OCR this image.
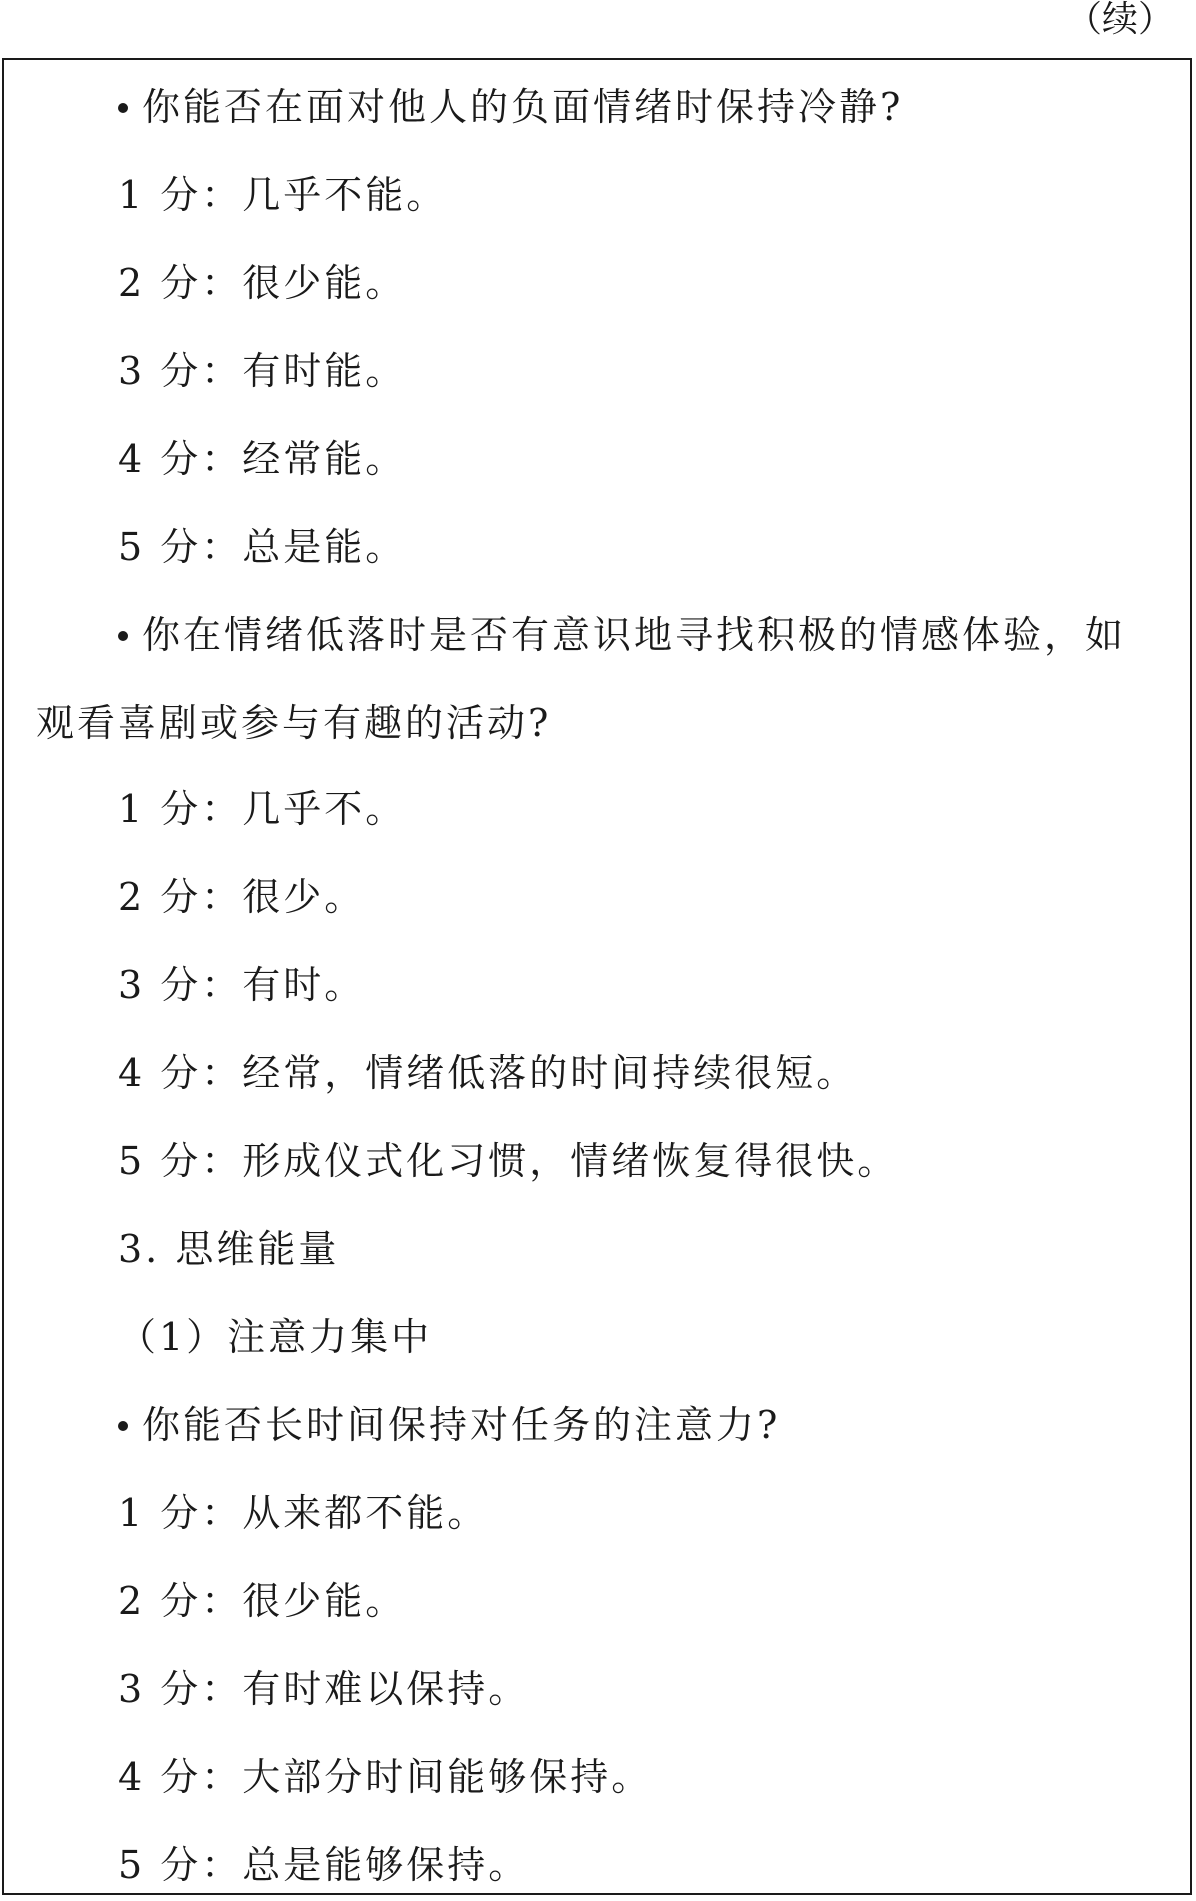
（续）
你能否在面对他人的负面情绪时保持冷静?
1 分：几乎不能。
2 分：很少能。
3 分：有时能。
4 分：经常能。
5 分：总是能。
你在情绪低落时是否有意识地寻找积极的情感体验，如
观看喜剧或参与有趣的活动?
1 分：几乎不。
2 分：很少。
3 分：有时。
4 分：经常，情绪低落的时间持续很短。
5 分：形成仪式化习惯，情绪恢复得很快。
3. 思维能量
（1）注意力集中
你能否长时间保持对任务的注意力?
1 分：从来都不能。
2 分：很少能。
3 分：有时难以保持。
4 分：大部分时间能够保持。
5 分：总是能够保持。
